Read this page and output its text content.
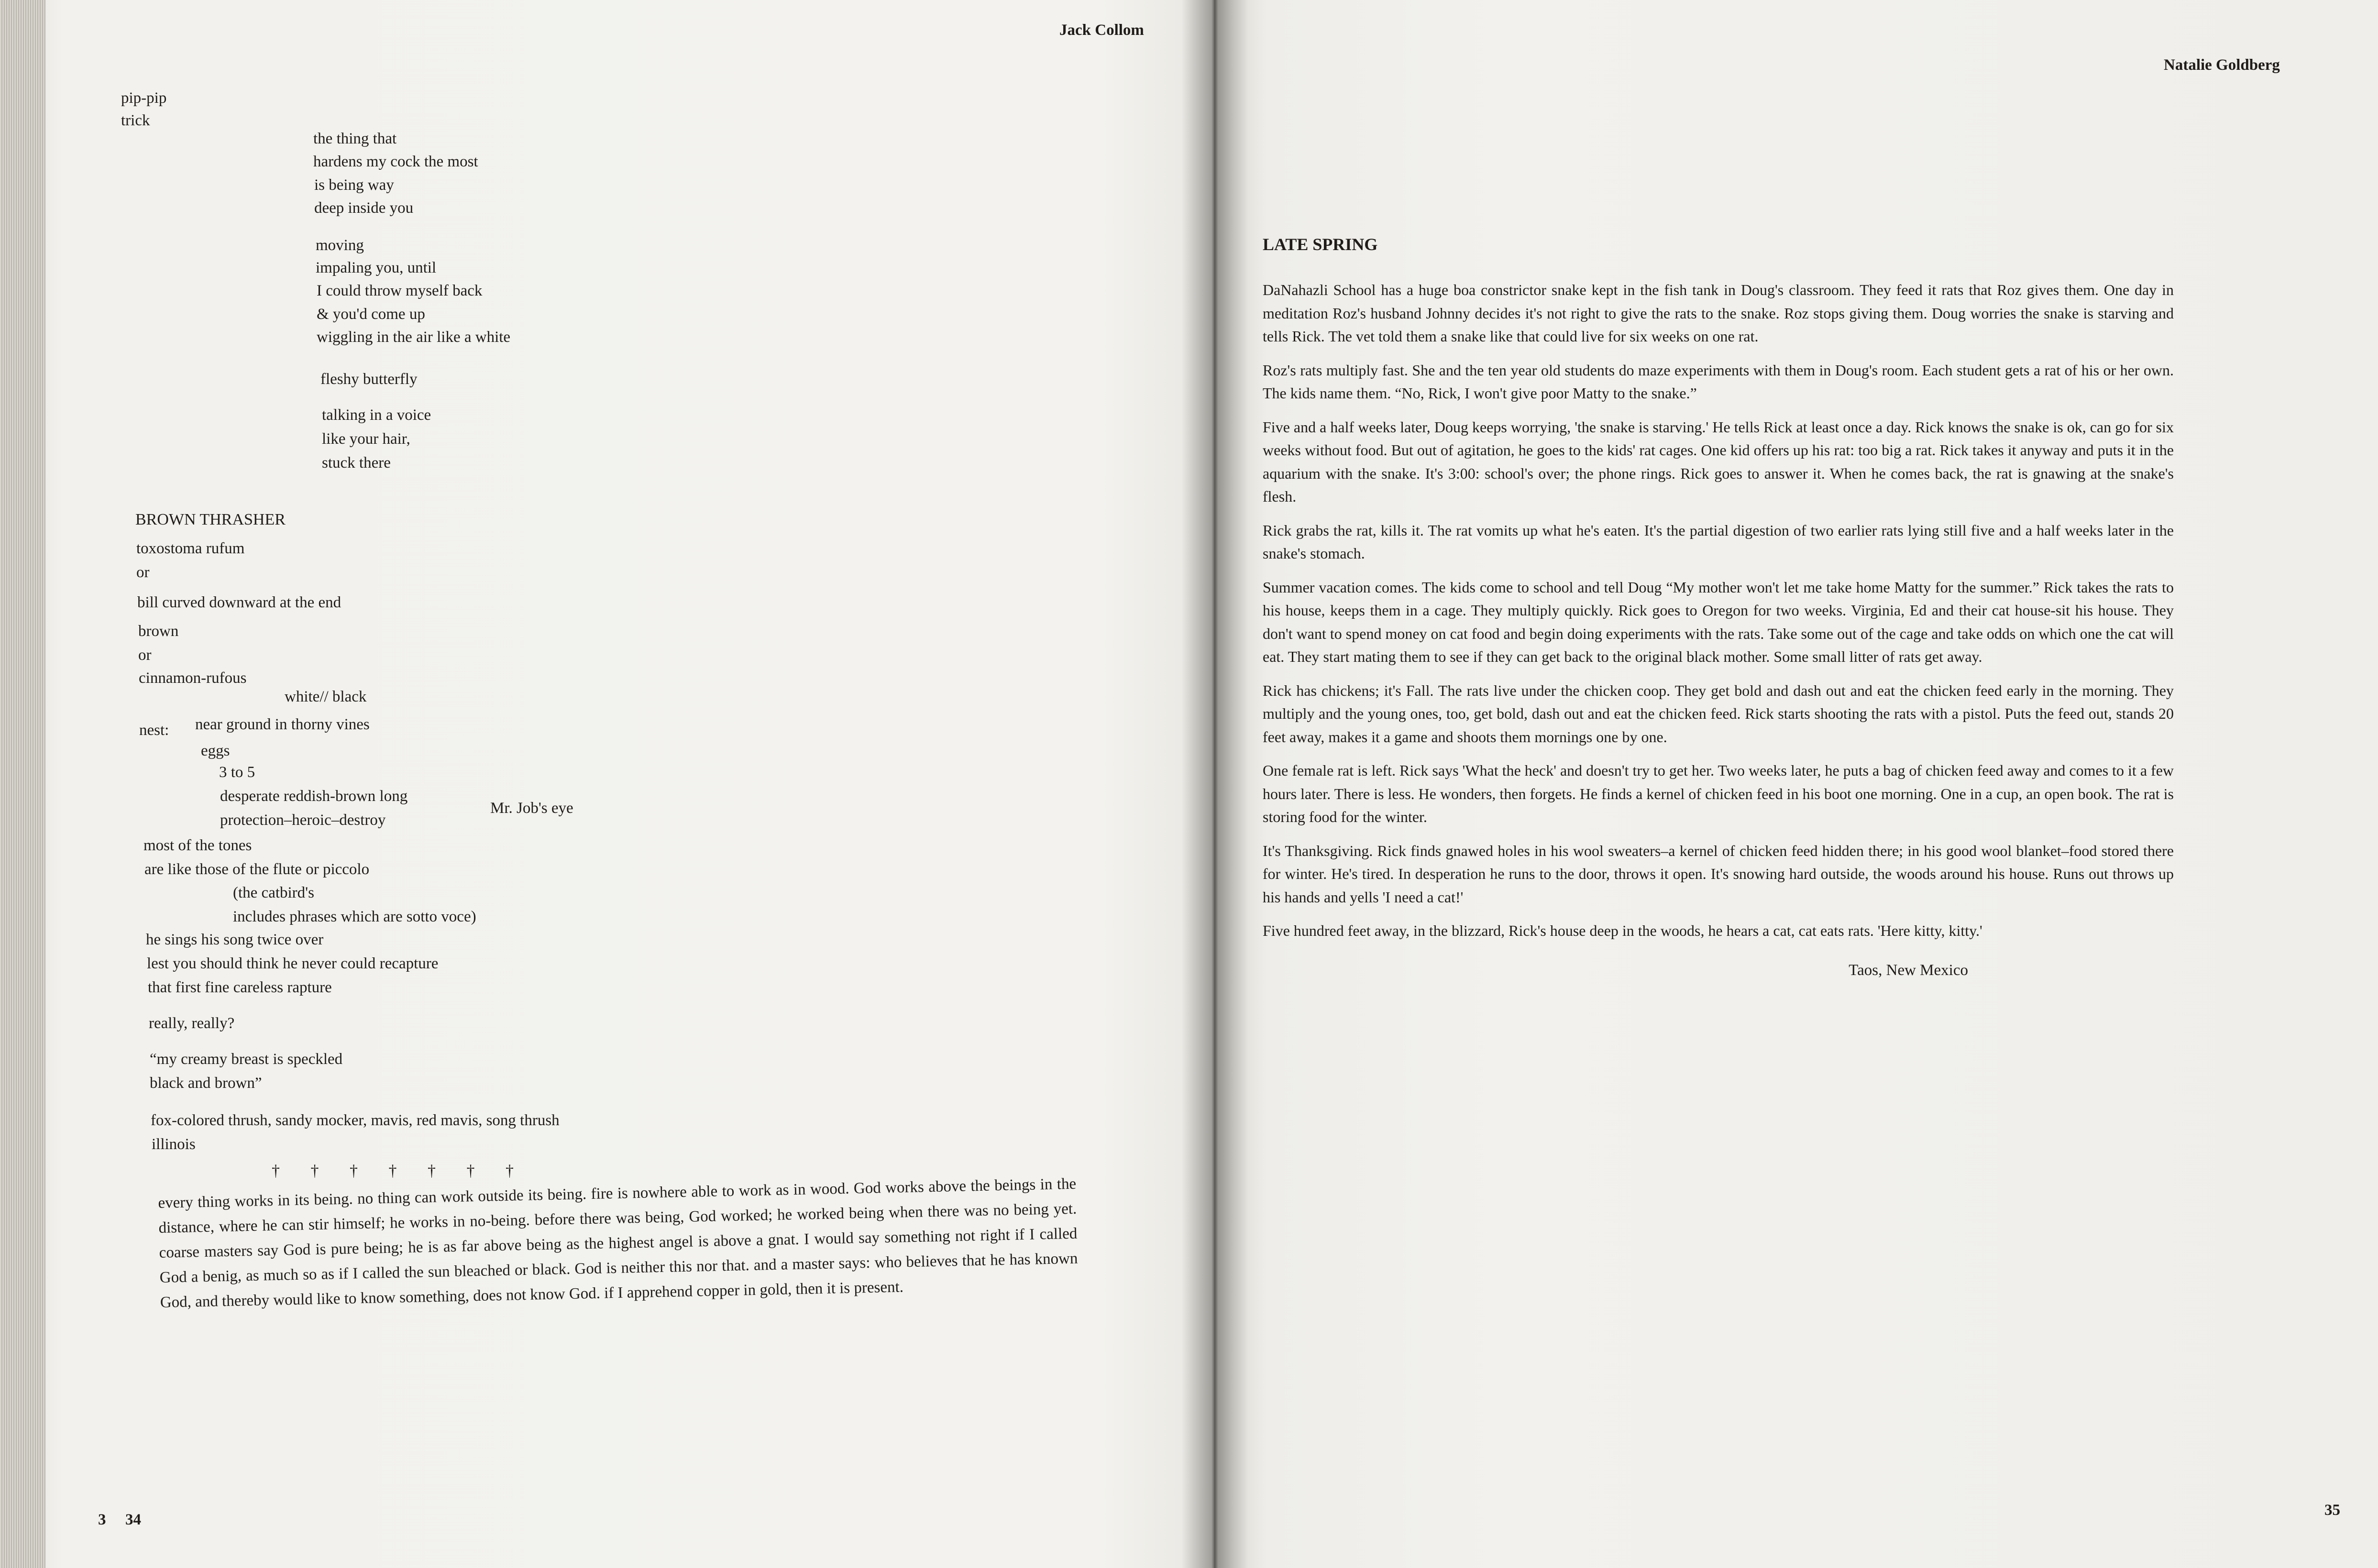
Jack Collom
pip-pip
trick
the thing that
hardens my cock the most
is being way
deep inside you
moving
impaling you, until
I could throw myself back
& you'd come up
wiggling in the air like a white
fleshy butterfly
talking in a voice
like your hair,
stuck there
BROWN THRASHER
toxostoma rufum
or
bill curved downward at the end
brown
or
cinnamon-rufous
white// black
nest: near ground in thorny vines
eggs
3 to 5
desperate reddish-brown long
protection–heroic–destroy
Mr. Job's eye
most of the tones
are like those of the flute or piccolo
(the catbird's
includes phrases which are sotto voce)
he sings his song twice over
lest you should think he never could recapture
that first fine careless rapture
really, really?
“my creamy breast is speckled
black and brown”
fox-colored thrush, sandy mocker, mavis, red mavis, song thrush
illinois
† † † † † † †
every thing works in its being. no thing can work outside its being. fire is nowhere able to work as in wood. God works above the beings in the distance, where he can stir himself; he works in no-being. before there was being, God worked; he worked being when there was no being yet. coarse masters say God is pure being; he is as far above being as the highest angel is above a gnat. I would say something not right if I called God a benig, as much so as if I called the sun bleached or black. God is neither this nor that. and a master says: who believes that he has known God, and thereby would like to know something, does not know God. if I apprehend copper in gold, then it is present.
3 34
Natalie Goldberg
35
LATE SPRING

DaNahazli School has a huge boa constrictor snake kept in the fish tank in Doug's classroom. They feed it rats that Roz gives them. One day in meditation Roz's husband Johnny decides it's not right to give the rats to the snake. Roz stops giving them. Doug worries the snake is starving and tells Rick. The vet told them a snake like that could live for six weeks on one rat.

Roz's rats multiply fast. She and the ten year old students do maze experiments with them in Doug's room. Each student gets a rat of his or her own. The kids name them. “No, Rick, I won't give poor Matty to the snake.”

Five and a half weeks later, Doug keeps worrying, 'the snake is starving.' He tells Rick at least once a day. Rick knows the snake is ok, can go for six weeks without food. But out of agitation, he goes to the kids' rat cages. One kid offers up his rat: too big a rat. Rick takes it anyway and puts it in the aquarium with the snake. It's 3:00: school's over; the phone rings. Rick goes to answer it. When he comes back, the rat is gnawing at the snake's flesh.

Rick grabs the rat, kills it. The rat vomits up what he's eaten. It's the partial digestion of two earlier rats lying still five and a half weeks later in the snake's stomach.

Summer vacation comes. The kids come to school and tell Doug “My mother won't let me take home Matty for the summer.” Rick takes the rats to his house, keeps them in a cage. They multiply quickly. Rick goes to Oregon for two weeks. Virginia, Ed and their cat house-sit his house. They don't want to spend money on cat food and begin doing experiments with the rats. Take some out of the cage and take odds on which one the cat will eat. They start mating them to see if they can get back to the original black mother. Some small litter of rats get away.

Rick has chickens; it's Fall. The rats live under the chicken coop. They get bold and dash out and eat the chicken feed early in the morning. They multiply and the young ones, too, get bold, dash out and eat the chicken feed. Rick starts shooting the rats with a pistol. Puts the feed out, stands 20 feet away, makes it a game and shoots them mornings one by one.

One female rat is left. Rick says 'What the heck' and doesn't try to get her. Two weeks later, he puts a bag of chicken feed away and comes to it a few hours later. There is less. He wonders, then forgets. He finds a kernel of chicken feed in his boot one morning. One in a cup, an open book. The rat is storing food for the winter.

It's Thanksgiving. Rick finds gnawed holes in his wool sweaters–a kernel of chicken feed hidden there; in his good wool blanket–food stored there for winter. He's tired. In desperation he runs to the door, throws it open. It's snowing hard outside, the woods around his house. Runs out throws up his hands and yells 'I need a cat!'

Five hundred feet away, in the blizzard, Rick's house deep in the woods, he hears a cat, cat eats rats. 'Here kitty, kitty.'

Taos, New Mexico
